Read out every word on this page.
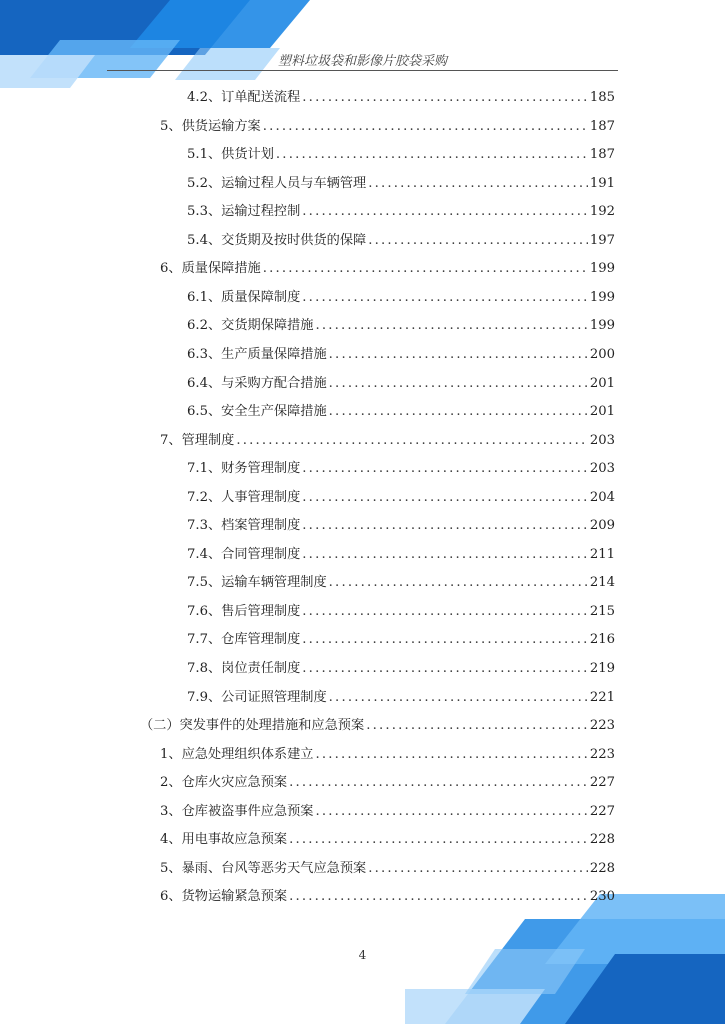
塑料垃圾袋和影像片胶袋采购
4.2、订单配送流程 . . .	185
5、供货运输方案 . . .	187
5.1、供货计划 . . .	187
5.2、运输过程人员与车辆管理 . . .	191
5.3、运输过程控制 . . .	192
5.4、交货期及按时供货的保障 . . .	197
6、质量保障措施 . . .	199
6.1、质量保障制度 . . .	199
6.2、交货期保障措施 . . .	199
6.3、生产质量保障措施 . . .	200
6.4、与采购方配合措施 . . .	201
6.5、安全生产保障措施 . . .	201
7、管理制度 . . .	203
7.1、财务管理制度 . . .	203
7.2、人事管理制度 . . .	204
7.3、档案管理制度 . . .	209
7.4、合同管理制度 . . .	211
7.5、运输车辆管理制度 . . .	214
7.6、售后管理制度 . . .	215
7.7、仓库管理制度 . . .	216
7.8、岗位责任制度 . . .	219
7.9、公司证照管理制度 . . .	221
（二）突发事件的处理措施和应急预案 . . .	223
1、应急处理组织体系建立 . . .	223
2、仓库火灾应急预案 . . .	227
3、仓库被盗事件应急预案 . . .	227
4、用电事故应急预案 . . .	228
5、暴雨、台风等恶劣天气应急预案 . . .	228
6、货物运输紧急预案 . . .	230
4
